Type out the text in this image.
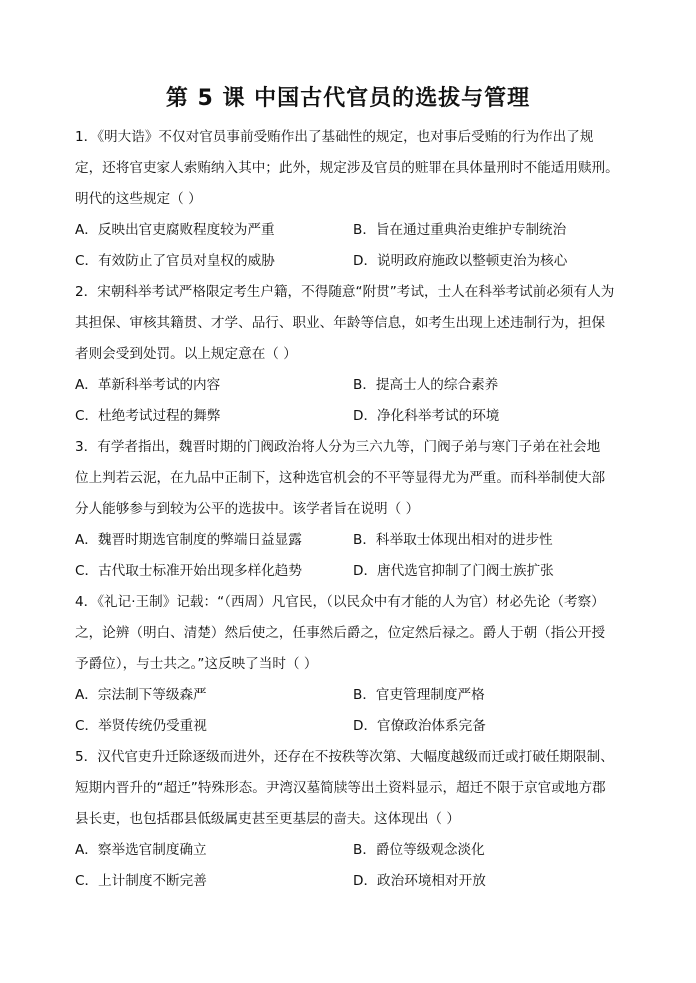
第 5 课 中国古代官员的选拔与管理
1．《明大诰》不仅对官员事前受贿作出了基础性的规定，也对事后受贿的行为作出了规
定，还将官吏家人索贿纳入其中；此外，规定涉及官员的赃罪在具体量刑时不能适用赎刑。
明代的这些规定（ ）
A．反映出官吏腐败程度较为严重	B．旨在通过重典治吏维护专制统治
C．有效防止了官员对皇权的威胁	D．说明政府施政以整顿吏治为核心
2．宋朝科举考试严格限定考生户籍，不得随意“附贯”考试，士人在科举考试前必须有人为
其担保、审核其籍贯、才学、品行、职业、年龄等信息，如考生出现上述违制行为，担保
者则会受到处罚。以上规定意在（ ）
A．革新科举考试的内容	B．提高士人的综合素养
C．杜绝考试过程的舞弊	D．净化科举考试的环境
3．有学者指出，魏晋时期的门阀政治将人分为三六九等，门阀子弟与寒门子弟在社会地
位上判若云泥，在九品中正制下，这种选官机会的不平等显得尤为严重。而科举制使大部
分人能够参与到较为公平的选拔中。该学者旨在说明（ ）
A．魏晋时期选官制度的弊端日益显露	B．科举取士体现出相对的进步性
C．古代取士标准开始出现多样化趋势	D．唐代选官抑制了门阀士族扩张
4．《礼记·王制》记载：“（西周）凡官民，（以民众中有才能的人为官）材必先论（考察）
之，论辨（明白、清楚）然后使之，任事然后爵之，位定然后禄之。爵人于朝（指公开授
予爵位），与士共之。”这反映了当时（ ）
A．宗法制下等级森严	B．官吏管理制度严格
C．举贤传统仍受重视	D．官僚政治体系完备
5．汉代官吏升迁除逐级而进外，还存在不按秩等次第、大幅度越级而迁或打破任期限制、
短期内晋升的“超迁”特殊形态。尹湾汉墓简牍等出土资料显示，超迁不限于京官或地方郡
县长吏，也包括郡县低级属吏甚至更基层的啬夫。这体现出（ ）
A．察举选官制度确立	B．爵位等级观念淡化
C．上计制度不断完善	D．政治环境相对开放
